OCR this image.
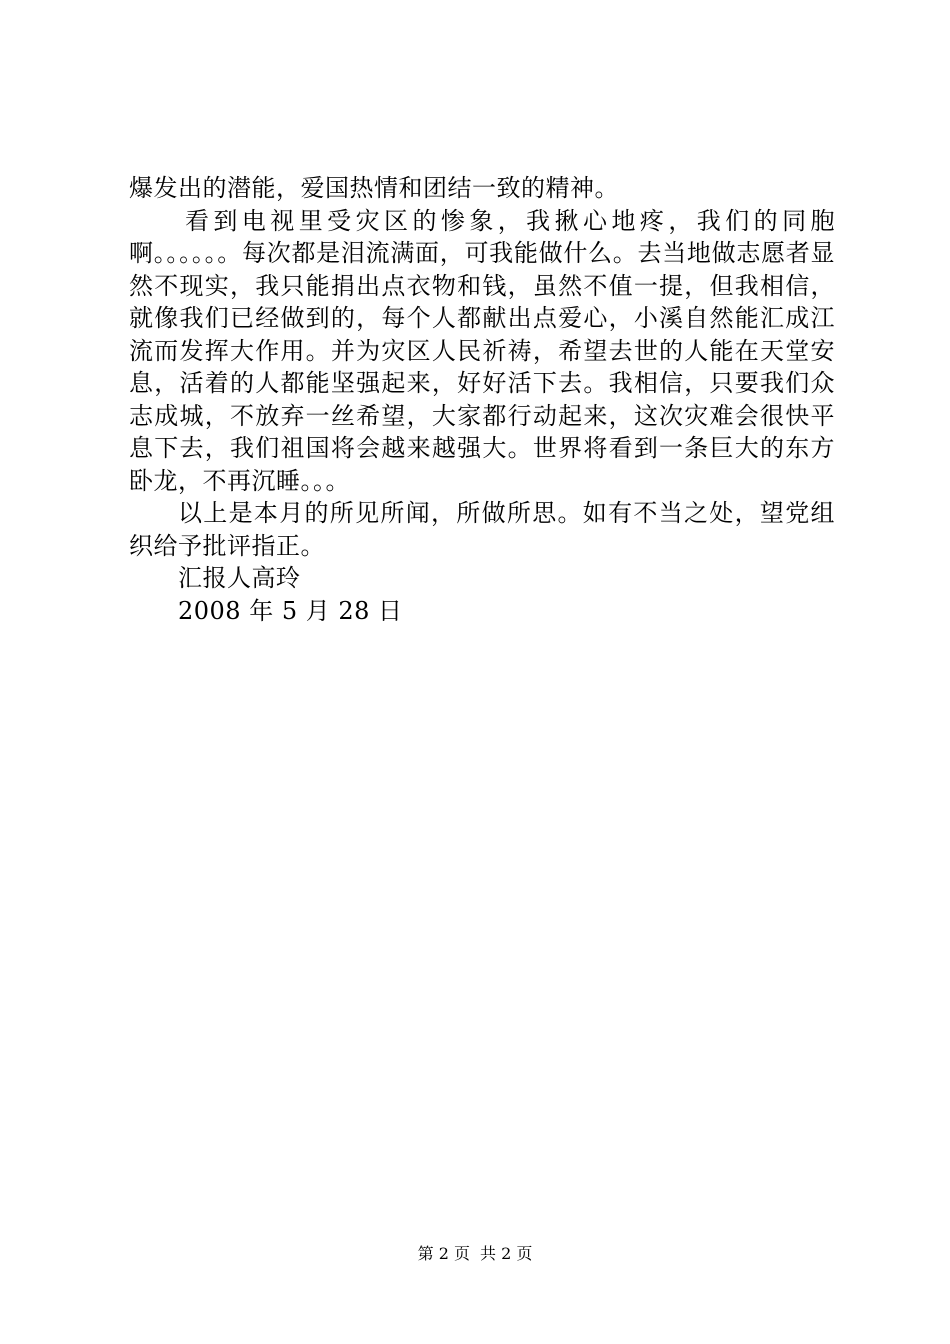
爆发出的潜能，爱国热情和团结一致的精神。

看到电视里受灾区的惨象，我揪心地疼，我们的同胞啊。。。。。。每次都是泪流满面，可我能做什么。去当地做志愿者显然不现实，我只能捐出点衣物和钱，虽然不值一提，但我相信，就像我们已经做到的，每个人都献出点爱心，小溪自然能汇成江流而发挥大作用。并为灾区人民祈祷，希望去世的人能在天堂安息，活着的人都能坚强起来，好好活下去。我相信，只要我们众志成城，不放弃一丝希望，大家都行动起来，这次灾难会很快平息下去，我们祖国将会越来越强大。世界将看到一条巨大的东方卧龙，不再沉睡。。。

以上是本月的所见所闻，所做所思。如有不当之处，望党组织给予批评指正。

汇报人高玲

2008 年 5 月 28 日

第 2 页 共 2 页
